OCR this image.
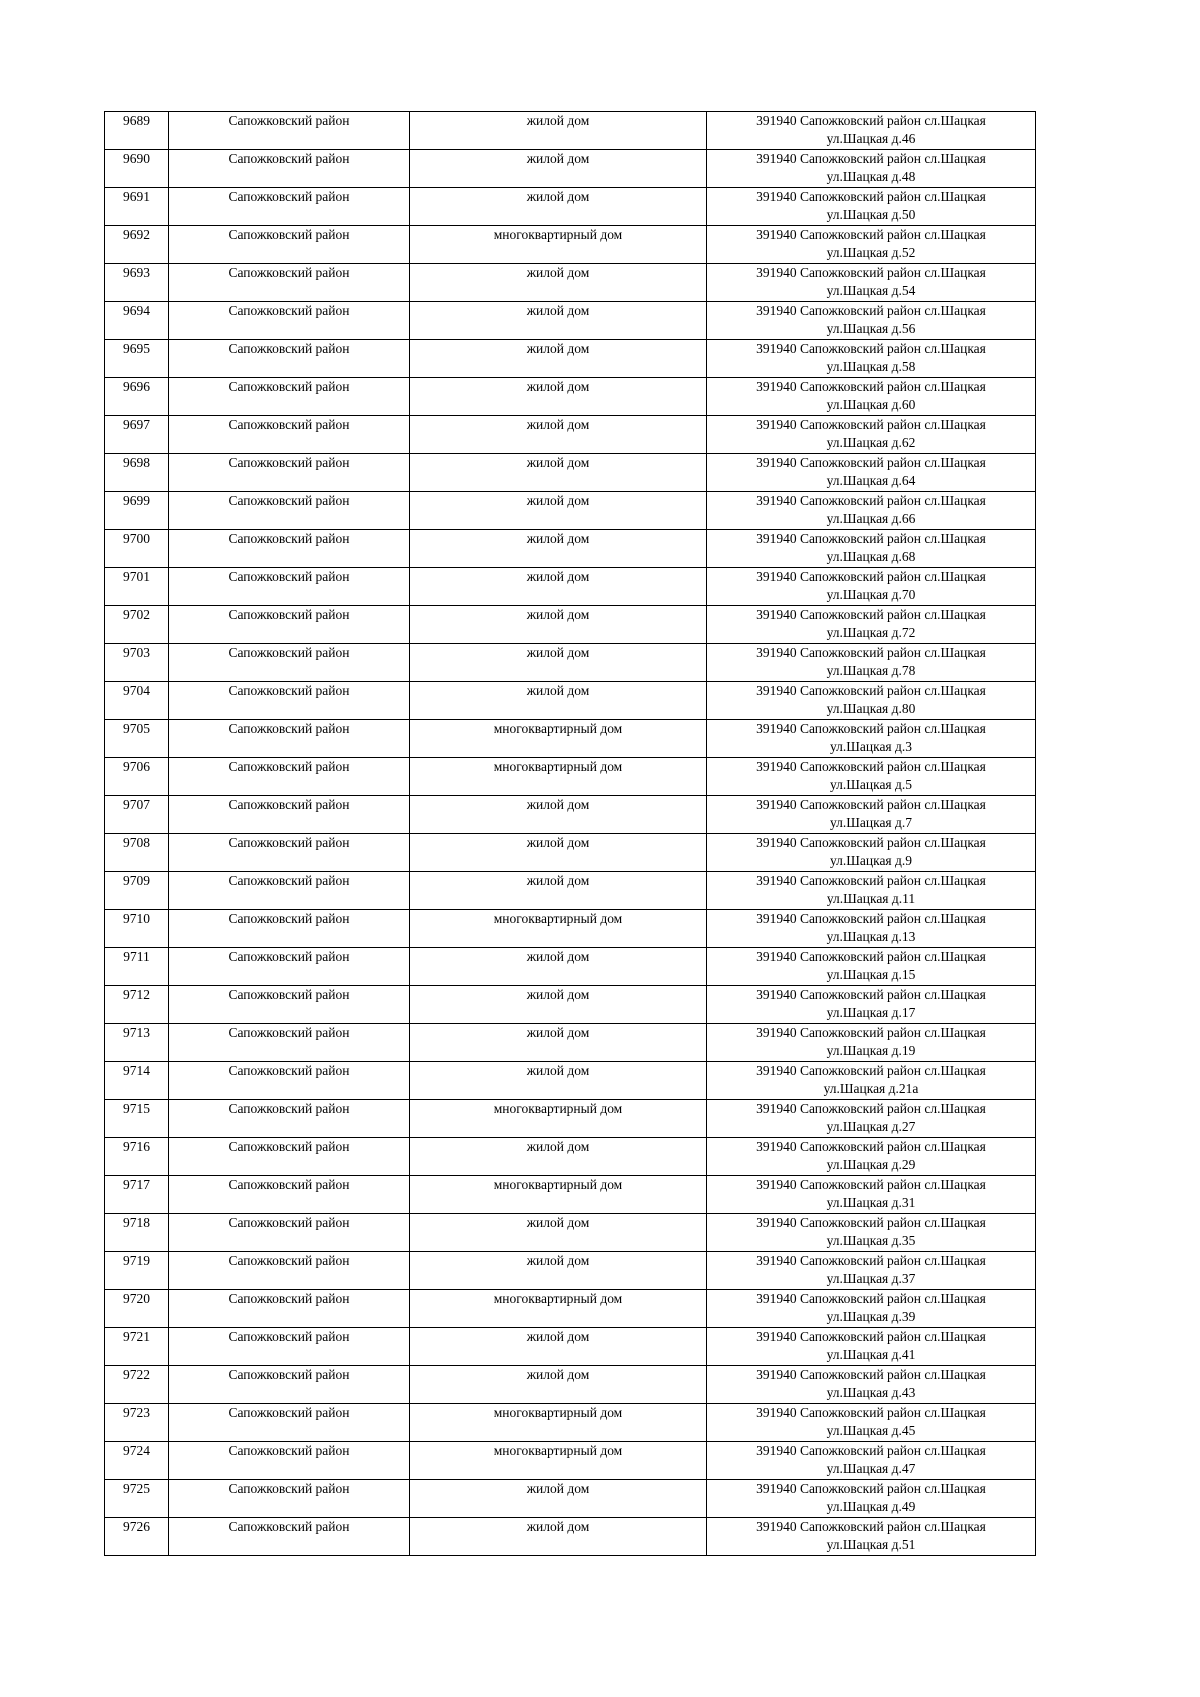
9689	Сапожковский район	жилой дом	391940 Сапожковский район сл.Шацкая
ул.Шацкая д.46

9690	Сапожковский район	жилой дом	391940 Сапожковский район сл.Шацкая
ул.Шацкая д.48

9691	Сапожковский район	жилой дом	391940 Сапожковский район сл.Шацкая
ул.Шацкая д.50

9692	Сапожковский район	многоквартирный дом	391940 Сапожковский район сл.Шацкая
ул.Шацкая д.52

9693	Сапожковский район	жилой дом	391940 Сапожковский район сл.Шацкая
ул.Шацкая д.54

9694	Сапожковский район	жилой дом	391940 Сапожковский район сл.Шацкая
ул.Шацкая д.56

9695	Сапожковский район	жилой дом	391940 Сапожковский район сл.Шацкая
ул.Шацкая д.58

9696	Сапожковский район	жилой дом	391940 Сапожковский район сл.Шацкая
ул.Шацкая д.60

9697	Сапожковский район	жилой дом	391940 Сапожковский район сл.Шацкая
ул.Шацкая д.62

9698	Сапожковский район	жилой дом	391940 Сапожковский район сл.Шацкая
ул.Шацкая д.64

9699	Сапожковский район	жилой дом	391940 Сапожковский район сл.Шацкая
ул.Шацкая д.66

9700	Сапожковский район	жилой дом	391940 Сапожковский район сл.Шацкая
ул.Шацкая д.68

9701	Сапожковский район	жилой дом	391940 Сапожковский район сл.Шацкая
ул.Шацкая д.70

9702	Сапожковский район	жилой дом	391940 Сапожковский район сл.Шацкая
ул.Шацкая д.72

9703	Сапожковский район	жилой дом	391940 Сапожковский район сл.Шацкая
ул.Шацкая д.78

9704	Сапожковский район	жилой дом	391940 Сапожковский район сл.Шацкая
ул.Шацкая д.80

9705	Сапожковский район	многоквартирный дом	391940 Сапожковский район сл.Шацкая
ул.Шацкая д.3

9706	Сапожковский район	многоквартирный дом	391940 Сапожковский район сл.Шацкая
ул.Шацкая д.5

9707	Сапожковский район	жилой дом	391940 Сапожковский район сл.Шацкая
ул.Шацкая д.7

9708	Сапожковский район	жилой дом	391940 Сапожковский район сл.Шацкая
ул.Шацкая д.9

9709	Сапожковский район	жилой дом	391940 Сапожковский район сл.Шацкая
ул.Шацкая д.11

9710	Сапожковский район	многоквартирный дом	391940 Сапожковский район сл.Шацкая
ул.Шацкая д.13

9711	Сапожковский район	жилой дом	391940 Сапожковский район сл.Шацкая
ул.Шацкая д.15

9712	Сапожковский район	жилой дом	391940 Сапожковский район сл.Шацкая
ул.Шацкая д.17

9713	Сапожковский район	жилой дом	391940 Сапожковский район сл.Шацкая
ул.Шацкая д.19

9714	Сапожковский район	жилой дом	391940 Сапожковский район сл.Шацкая
ул.Шацкая д.21а

9715	Сапожковский район	многоквартирный дом	391940 Сапожковский район сл.Шацкая
ул.Шацкая д.27

9716	Сапожковский район	жилой дом	391940 Сапожковский район сл.Шацкая
ул.Шацкая д.29

9717	Сапожковский район	многоквартирный дом	391940 Сапожковский район сл.Шацкая
ул.Шацкая д.31

9718	Сапожковский район	жилой дом	391940 Сапожковский район сл.Шацкая
ул.Шацкая д.35

9719	Сапожковский район	жилой дом	391940 Сапожковский район сл.Шацкая
ул.Шацкая д.37

9720	Сапожковский район	многоквартирный дом	391940 Сапожковский район сл.Шацкая
ул.Шацкая д.39

9721	Сапожковский район	жилой дом	391940 Сапожковский район сл.Шацкая
ул.Шацкая д.41

9722	Сапожковский район	жилой дом	391940 Сапожковский район сл.Шацкая
ул.Шацкая д.43

9723	Сапожковский район	многоквартирный дом	391940 Сапожковский район сл.Шацкая
ул.Шацкая д.45

9724	Сапожковский район	многоквартирный дом	391940 Сапожковский район сл.Шацкая
ул.Шацкая д.47

9725	Сапожковский район	жилой дом	391940 Сапожковский район сл.Шацкая
ул.Шацкая д.49

9726	Сапожковский район	жилой дом	391940 Сапожковский район сл.Шацкая
ул.Шацкая д.51
